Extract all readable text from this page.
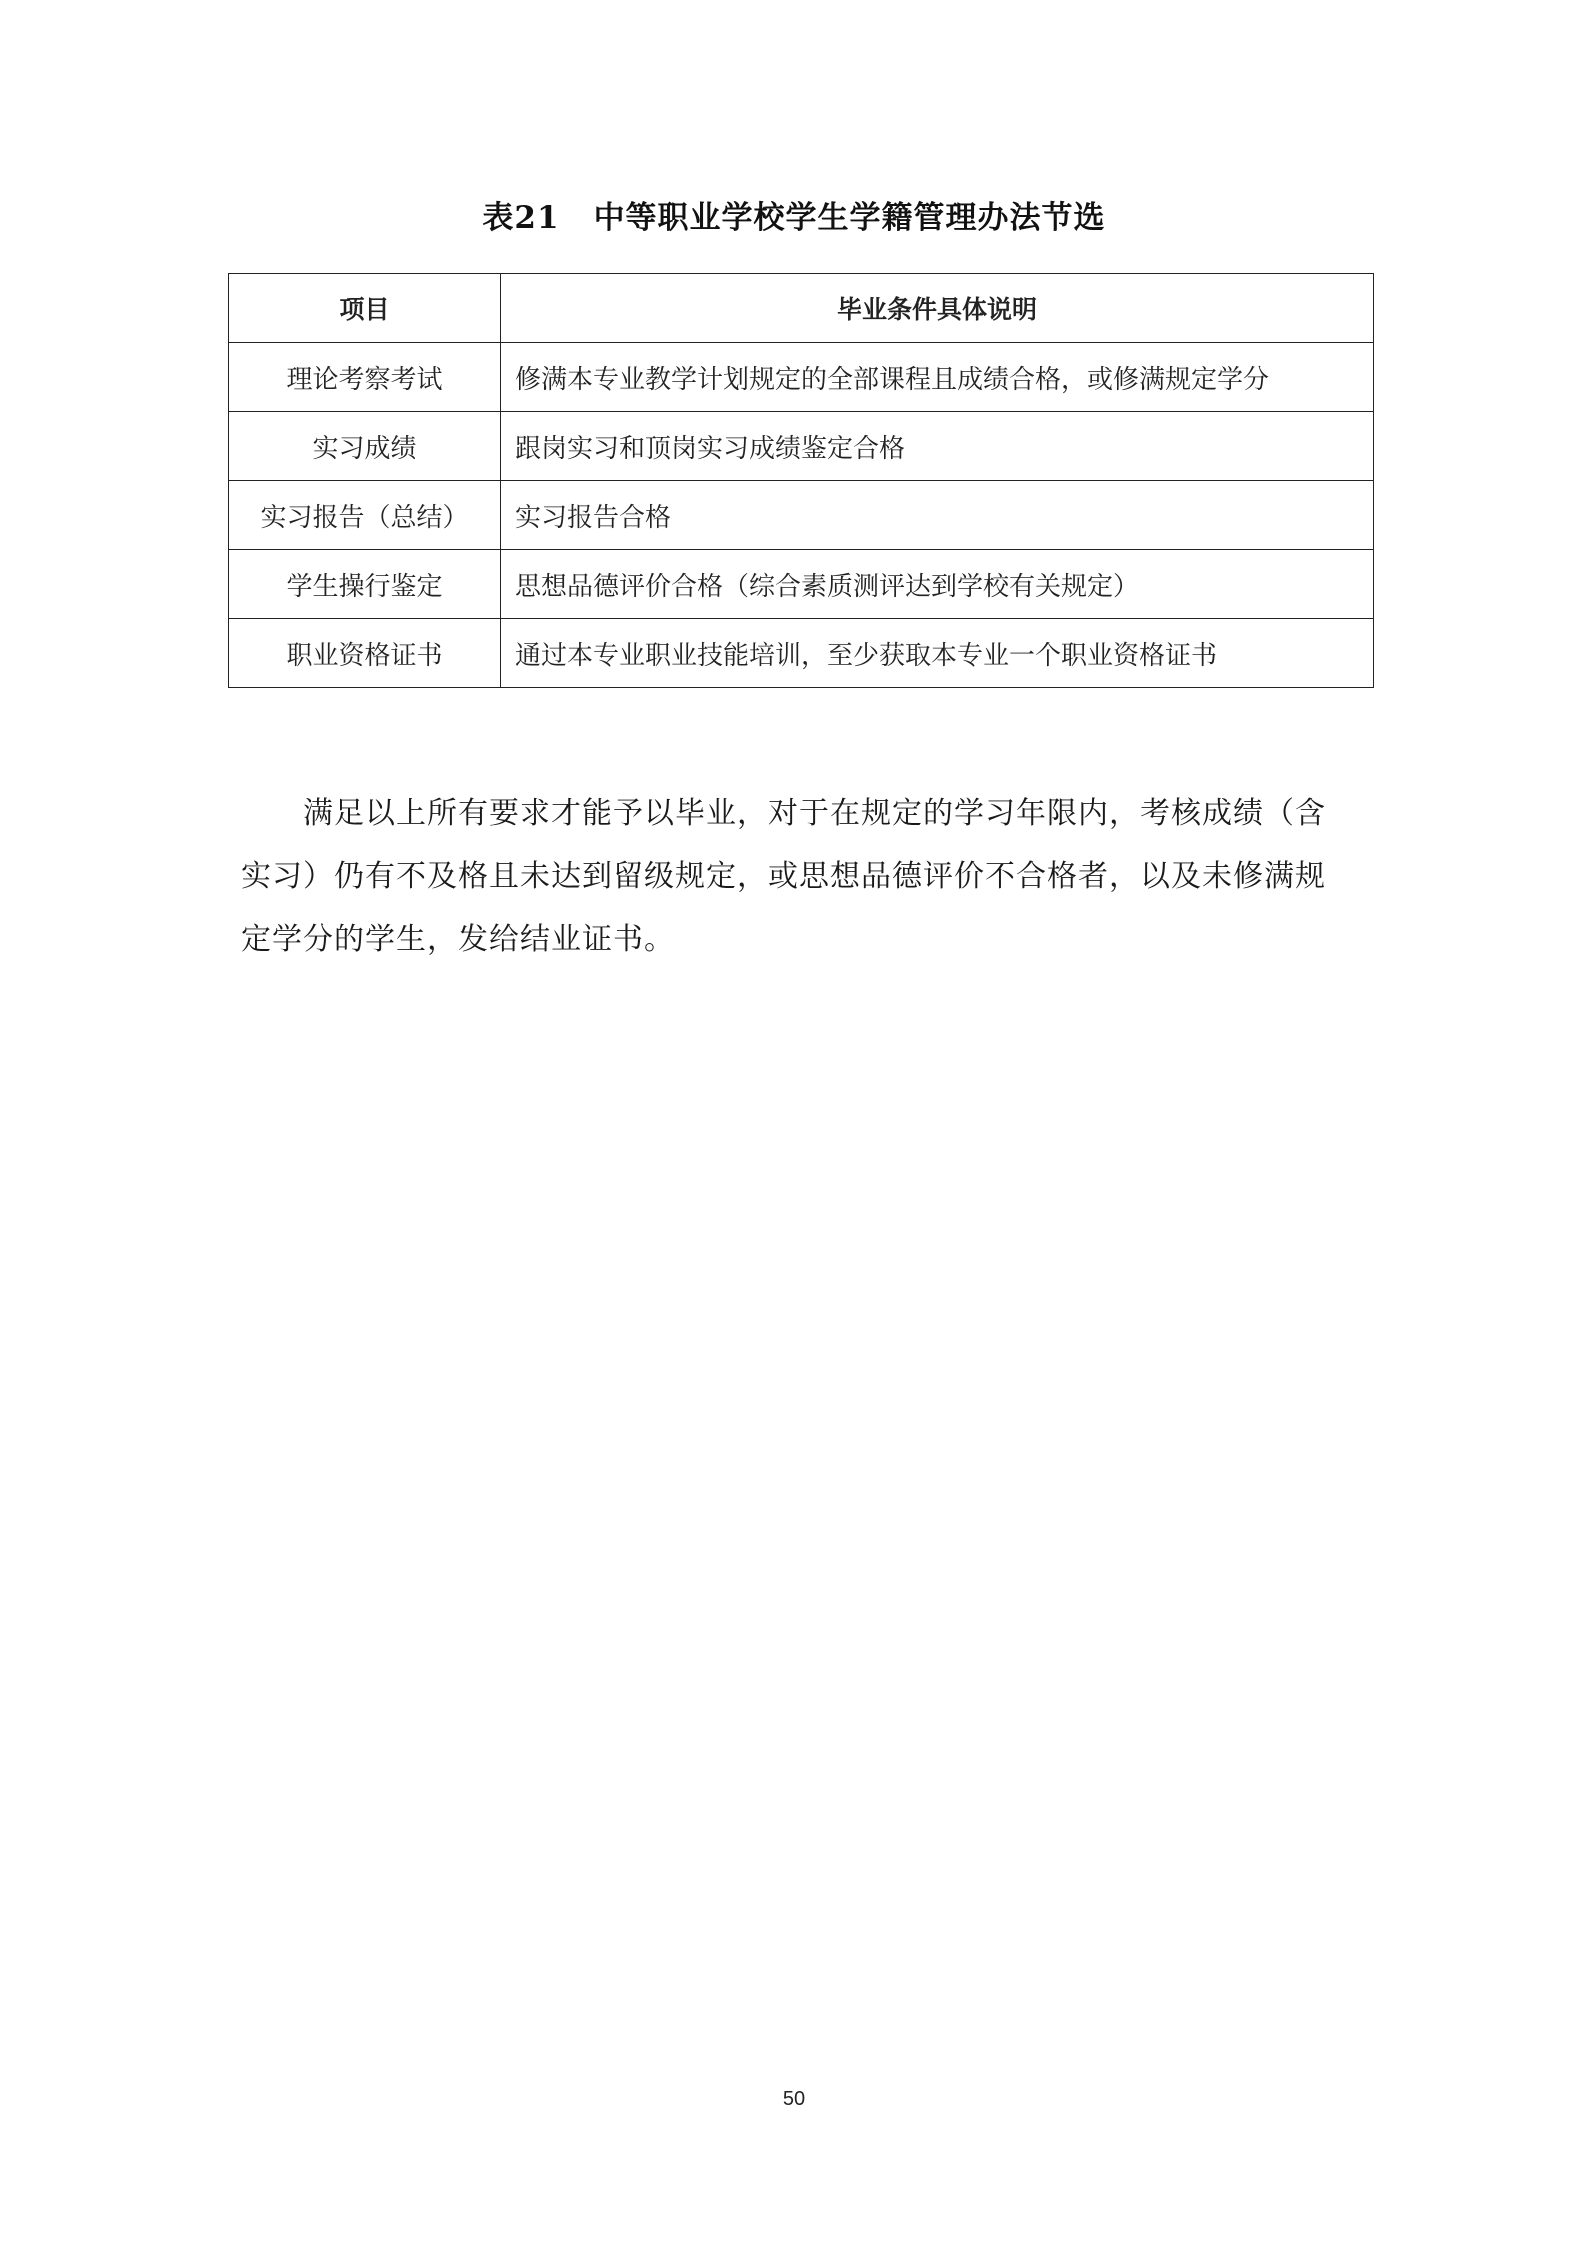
表21 中等职业学校学生学籍管理办法节选
项目	毕业条件具体说明
理论考察考试	修满本专业教学计划规定的全部课程且成绩合格，或修满规定学分
实习成绩	跟岗实习和顶岗实习成绩鉴定合格
实习报告（总结）	实习报告合格
学生操行鉴定	思想品德评价合格（综合素质测评达到学校有关规定）
职业资格证书	通过本专业职业技能培训，至少获取本专业一个职业资格证书

满足以上所有要求才能予以毕业，对于在规定的学习年限内，考核成绩（含实习）仍有不及格且未达到留级规定，或思想品德评价不合格者，以及未修满规定学分的学生，发给结业证书。

50
